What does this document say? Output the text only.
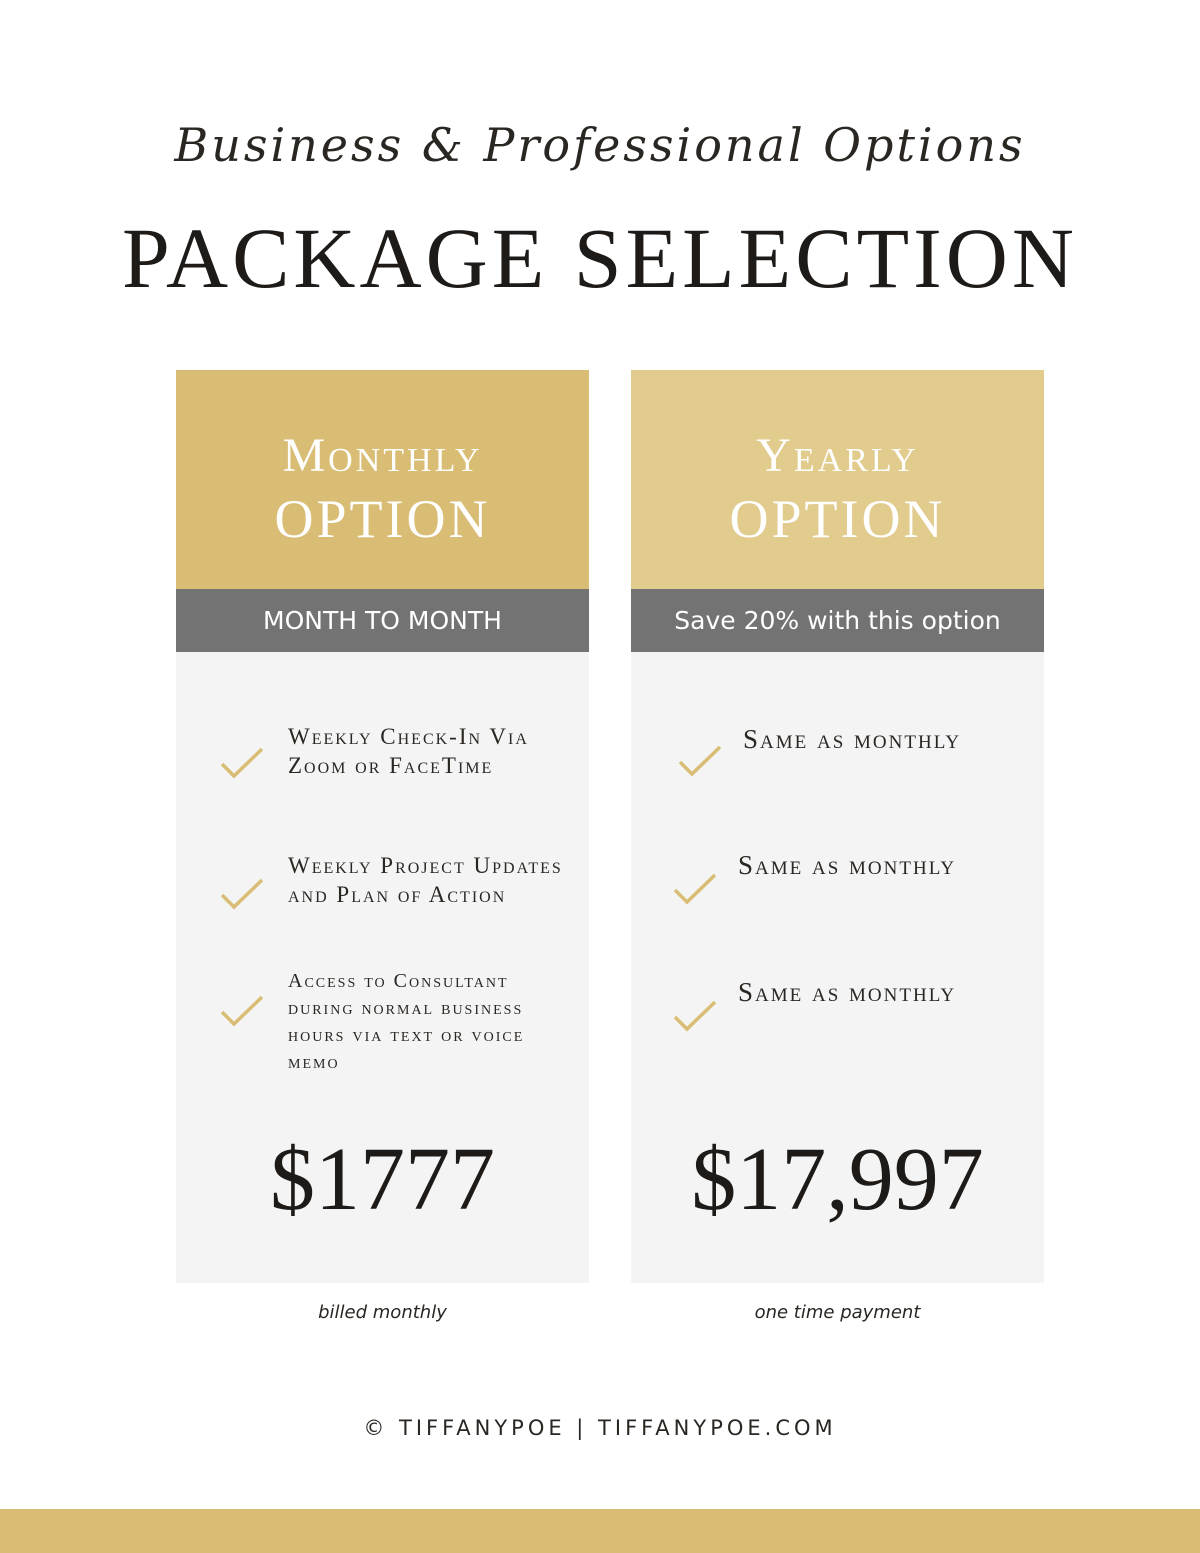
Business & Professional Options
PACKAGE SELECTION
Monthly
OPTION
MONTH TO MONTH
Weekly Check-In Via Zoom or FaceTime
Weekly Project Updates and Plan of Action
Access to Consultant during normal business hours via text or voice memo
$1777
Yearly
OPTION
Save 20% with this option
Same as monthly
Same as monthly
Same as monthly
$17,997
billed monthly	one time payment
© TIFFANYPOE | TIFFANYPOE.COM
